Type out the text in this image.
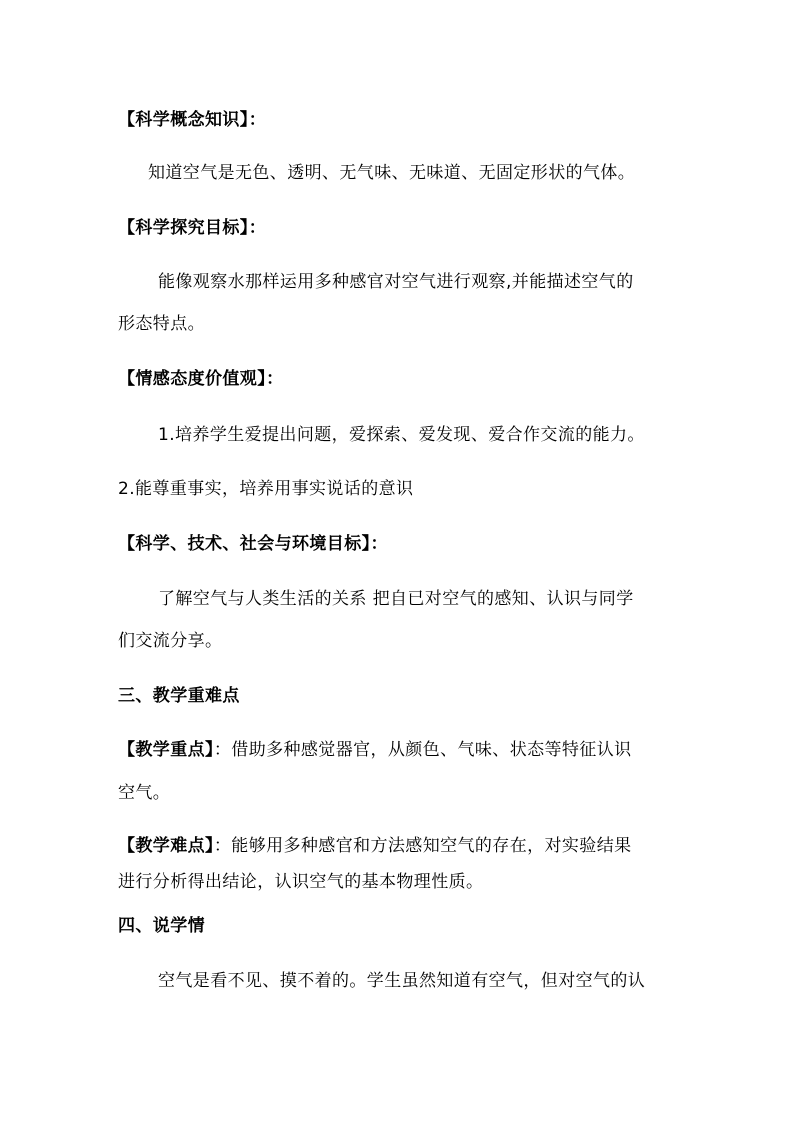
【科学概念知识】：
知道空气是无色、透明、无气味、无味道、无固定形状的气体。
【科学探究目标】：
能像观察水那样运用多种感官对空气进行观察,并能描述空气的
形态特点。
【情感态度价值观】：
1.培养学生爱提出问题，爱探索、爱发现、爱合作交流的能力。
2.能尊重事实，培养用事实说话的意识
【科学、技术、社会与环境目标】：
了解空气与人类生活的关系 把自已对空气的感知、认识与同学
们交流分享。
三、教学重难点
【教学重点】：借助多种感觉器官，从颜色、气味、状态等特征认识
空气。
【教学难点】：能够用多种感官和方法感知空气的存在，对实验结果
进行分析得出结论，认识空气的基本物理性质。
四、说学情
空气是看不见、摸不着的。学生虽然知道有空气，但对空气的认
